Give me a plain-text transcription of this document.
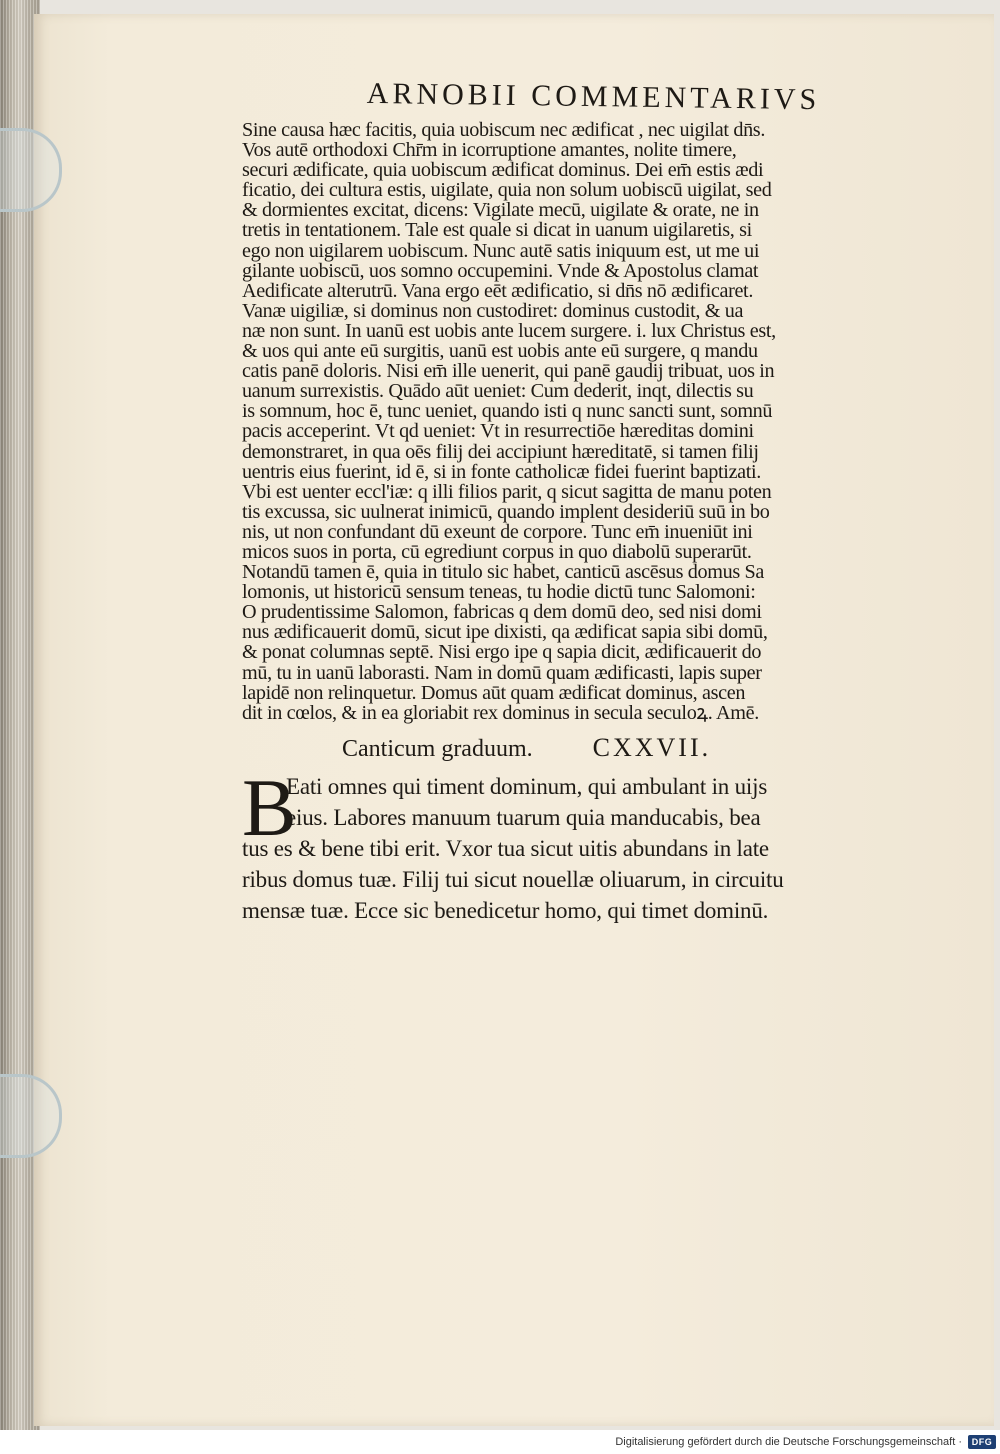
ARNOBII COMMENTARIVS
Sine causa hæc facitis, quia uobiscum nec ædificat , nec uigilat dn̄s.
Vos autē orthodoxi Chr̄m in icorruptione amantes, nolite timere,
securi ædificate, quia uobiscum ædificat dominus. Dei em̄ estis ædi
ficatio, dei cultura estis, uigilate, quia non solum uobiscū uigilat, sed
& dormientes excitat, dicens: Vigilate mecū, uigilate & orate, ne in
tretis in tentationem. Tale est quale si dicat in uanum uigilaretis, si
ego non uigilarem uobiscum. Nunc autē satis iniquum est, ut me ui
gilante uobiscū, uos somno occupemini. Vnde & Apostolus clamat
Aedificate alterutrū. Vana ergo eēt ædificatio, si dn̄s nō ædificaret.
Vanæ uigiliæ, si dominus non custodiret: dominus custodit, & ua
næ non sunt. In uanū est uobis ante lucem surgere. i. lux Christus est,
& uos qui ante eū surgitis, uanū est uobis ante eū surgere, q mandu
catis panē doloris. Nisi em̄ ille uenerit, qui panē gaudij tribuat, uos in
uanum surrexistis. Quādo aūt ueniet: Cum dederit, inqt, dilectis su
is somnum, hoc ē, tunc ueniet, quando isti q nunc sancti sunt, somnū
pacis acceperint. Vt qd ueniet: Vt in resurrectiōe hæreditas domini
demonstraret, in qua oēs filij dei accipiunt hæreditatē, si tamen filij
uentris eius fuerint, id ē, si in fonte catholicæ fidei fuerint baptizati.
Vbi est uenter eccl'iæ: q illi filios parit, q sicut sagitta de manu poten
tis excussa, sic uulnerat inimicū, quando implent desideriū suū in bo
nis, ut non confundant dū exeunt de corpore. Tunc em̄ inueniūt ini
micos suos in porta, cū egrediunt corpus in quo diabolū superarūt.
Notandū tamen ē, quia in titulo sic habet, canticū ascēsus domus Sa
lomonis, ut historicū sensum teneas, tu hodie dictū tunc Salomoni:
O prudentissime Salomon, fabricas q dem domū deo, sed nisi domi
nus ædificauerit domū, sicut ipe dixisti, qa ædificat sapia sibi domū,
& ponat columnas septē. Nisi ergo ipe q sapia dicit, ædificauerit do
mū, tu in uanū laborasti. Nam in domū quam ædificasti, lapis super
lapidē non relinquetur. Domus aūt quam ædificat dominus, ascen
dit in cœlos, & in ea gloriabit rex dominus in secula seculoꝝ. Amē.
Canticum graduum. CXXVII.
B
Eati omnes qui timent dominum, qui ambulant in uijs
eius. Labores manuum tuarum quia manducabis, bea
tus es & bene tibi erit. Vxor tua sicut uitis abundans in late
ribus domus tuæ. Filij tui sicut nouellæ oliuarum, in circuitu
mensæ tuæ. Ecce sic benedicetur homo, qui timet dominū.
Digitalisierung gefördert durch die Deutsche Forschungsgemeinschaft ·	DFG
